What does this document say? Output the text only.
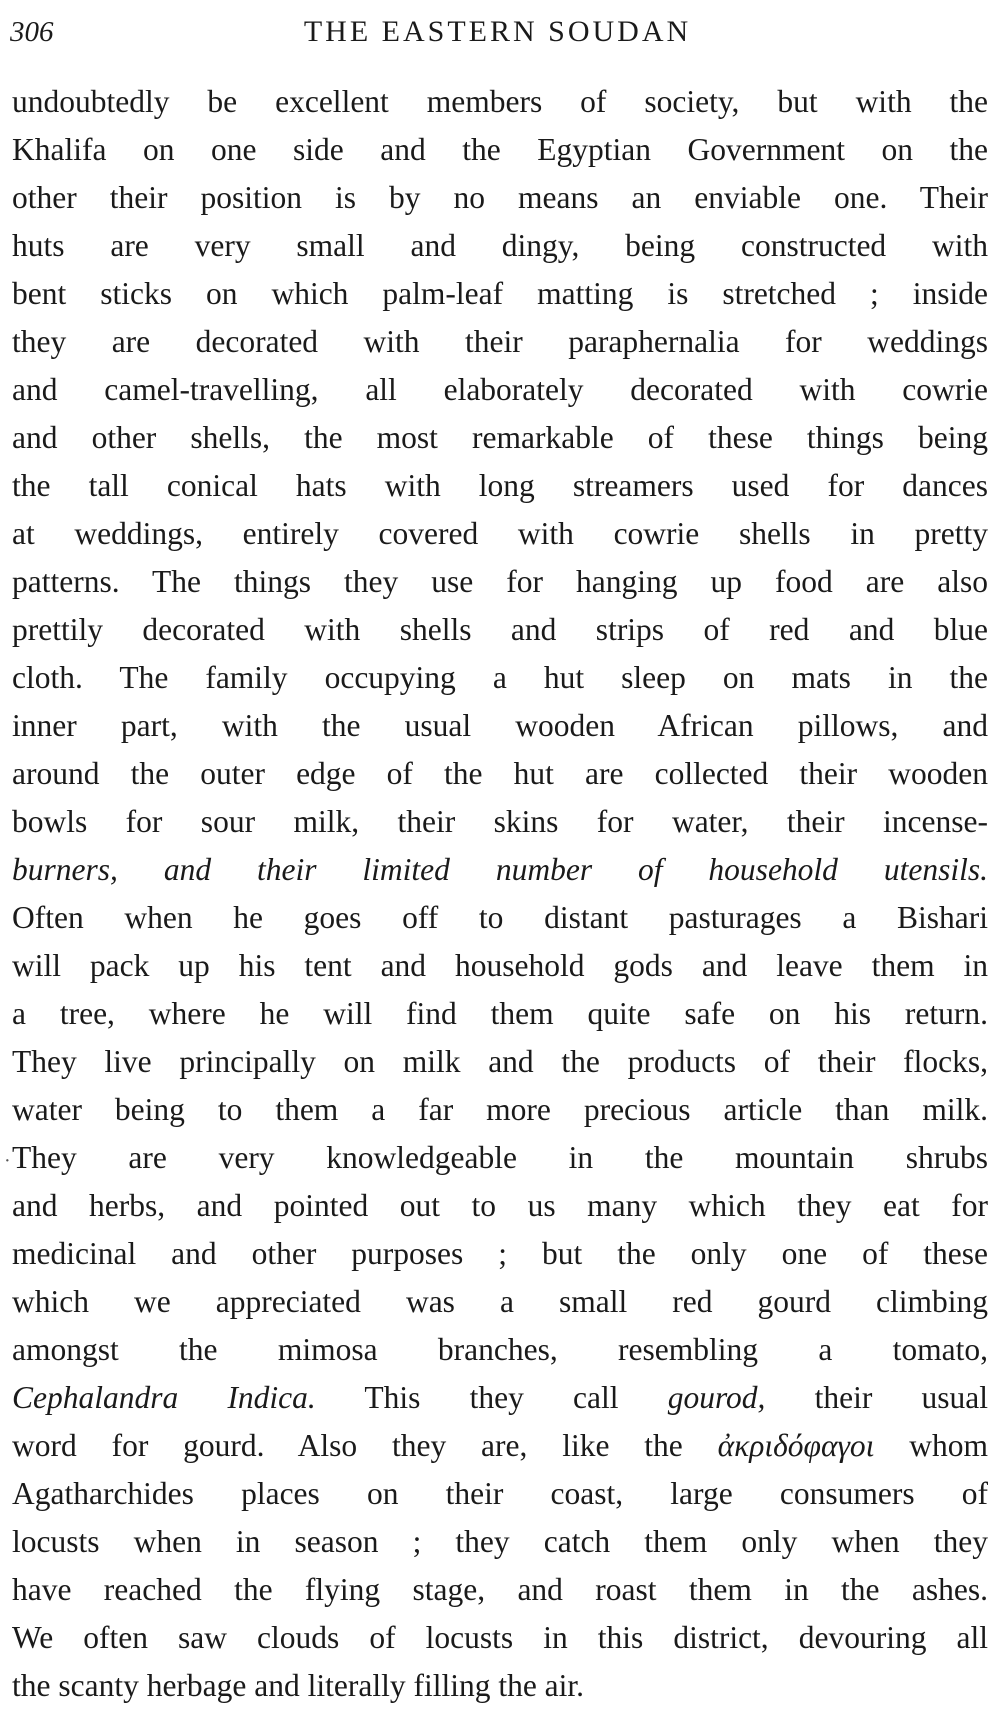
306	THE EASTERN SOUDAN
undoubtedly be excellent members of society, but with the
Khalifa on one side and the Egyptian Government on the
other their position is by no means an enviable one. Their
huts are very small and dingy, being constructed with
bent sticks on which palm-leaf matting is stretched ; inside
they are decorated with their paraphernalia for weddings
and camel-travelling, all elaborately decorated with cowrie
and other shells, the most remarkable of these things being
the tall conical hats with long streamers used for dances
at weddings, entirely covered with cowrie shells in pretty
patterns. The things they use for hanging up food are also
prettily decorated with shells and strips of red and blue
cloth. The family occupying a hut sleep on mats in the
inner part, with the usual wooden African pillows, and
around the outer edge of the hut are collected their wooden
bowls for sour milk, their skins for water, their incense-
burners, and their limited number of household utensils.
Often when he goes off to distant pasturages a Bishari
will pack up his tent and household gods and leave them in
a tree, where he will find them quite safe on his return.
They live principally on milk and the products of their flocks,
water being to them a far more precious article than milk.
They are very knowledgeable in the mountain shrubs
and herbs, and pointed out to us many which they eat for
medicinal and other purposes ; but the only one of these
which we appreciated was a small red gourd climbing
amongst the mimosa branches, resembling a tomato,
Cephalandra Indica. This they call gourod, their usual
word for gourd. Also they are, like the ἀκριδόφαγοι whom
Agatharchides places on their coast, large consumers of
locusts when in season ; they catch them only when they
have reached the flying stage, and roast them in the ashes.
We often saw clouds of locusts in this district, devouring all
the scanty herbage and literally filling the air.
·
